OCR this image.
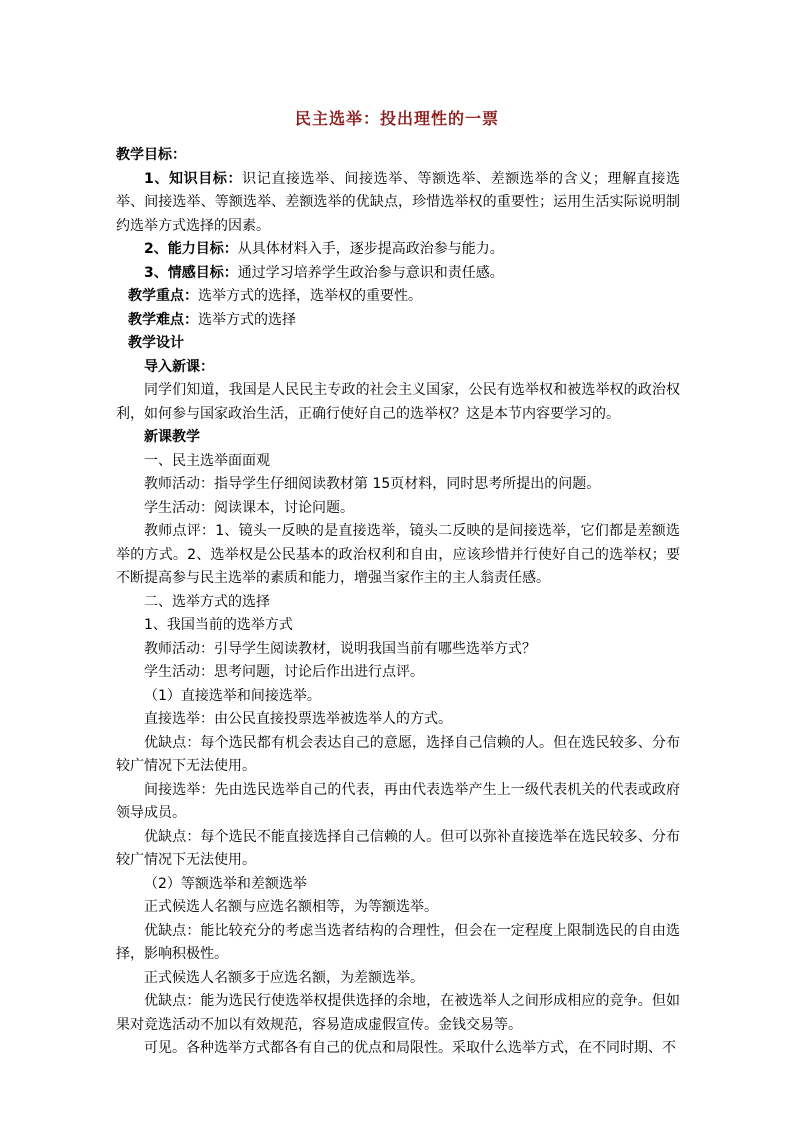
民主选举：投出理性的一票

教学目标：

1、知识目标：识记直接选举、间接选举、等额选举、差额选举的含义；理解直接选举、间接选举、等额选举、差额选举的优缺点，珍惜选举权的重要性；运用生活实际说明制约选举方式选择的因素。

2、能力目标：从具体材料入手，逐步提高政治参与能力。

3、情感目标：通过学习培养学生政治参与意识和责任感。

教学重点：选举方式的选择，选举权的重要性。

教学难点：选举方式的选择

教学设计

导入新课：

同学们知道，我国是人民民主专政的社会主义国家，公民有选举权和被选举权的政治权利，如何参与国家政治生活，正确行使好自己的选举权？这是本节内容要学习的。

新课教学

一、民主选举面面观

教师活动：指导学生仔细阅读教材第 15页材料，同时思考所提出的问题。

学生活动：阅读课本，讨论问题。

教师点评：1、镜头一反映的是直接选举，镜头二反映的是间接选举，它们都是差额选举的方式。2、选举权是公民基本的政治权利和自由，应该珍惜并行使好自己的选举权；要不断提高参与民主选举的素质和能力，增强当家作主的主人翁责任感。

二、选举方式的选择

1、我国当前的选举方式

教师活动：引导学生阅读教材，说明我国当前有哪些选举方式？

学生活动：思考问题，讨论后作出进行点评。

（1）直接选举和间接选举。

直接选举：由公民直接投票选举被选举人的方式。

优缺点：每个选民都有机会表达自己的意愿，选择自己信赖的人。但在选民较多、分布较广情况下无法使用。

间接选举：先由选民选举自己的代表，再由代表选举产生上一级代表机关的代表或政府领导成员。

优缺点：每个选民不能直接选择自己信赖的人。但可以弥补直接选举在选民较多、分布较广情况下无法使用。

（2）等额选举和差额选举

正式候选人名额与应选名额相等，为等额选举。

优缺点：能比较充分的考虑当选者结构的合理性，但会在一定程度上限制选民的自由选择，影响积极性。

正式候选人名额多于应选名额，为差额选举。

优缺点：能为选民行使选举权提供选择的余地，在被选举人之间形成相应的竞争。但如果对竞选活动不加以有效规范，容易造成虚假宣传。金钱交易等。

可见。各种选举方式都各有自己的优点和局限性。采取什么选举方式，在不同时期、不
